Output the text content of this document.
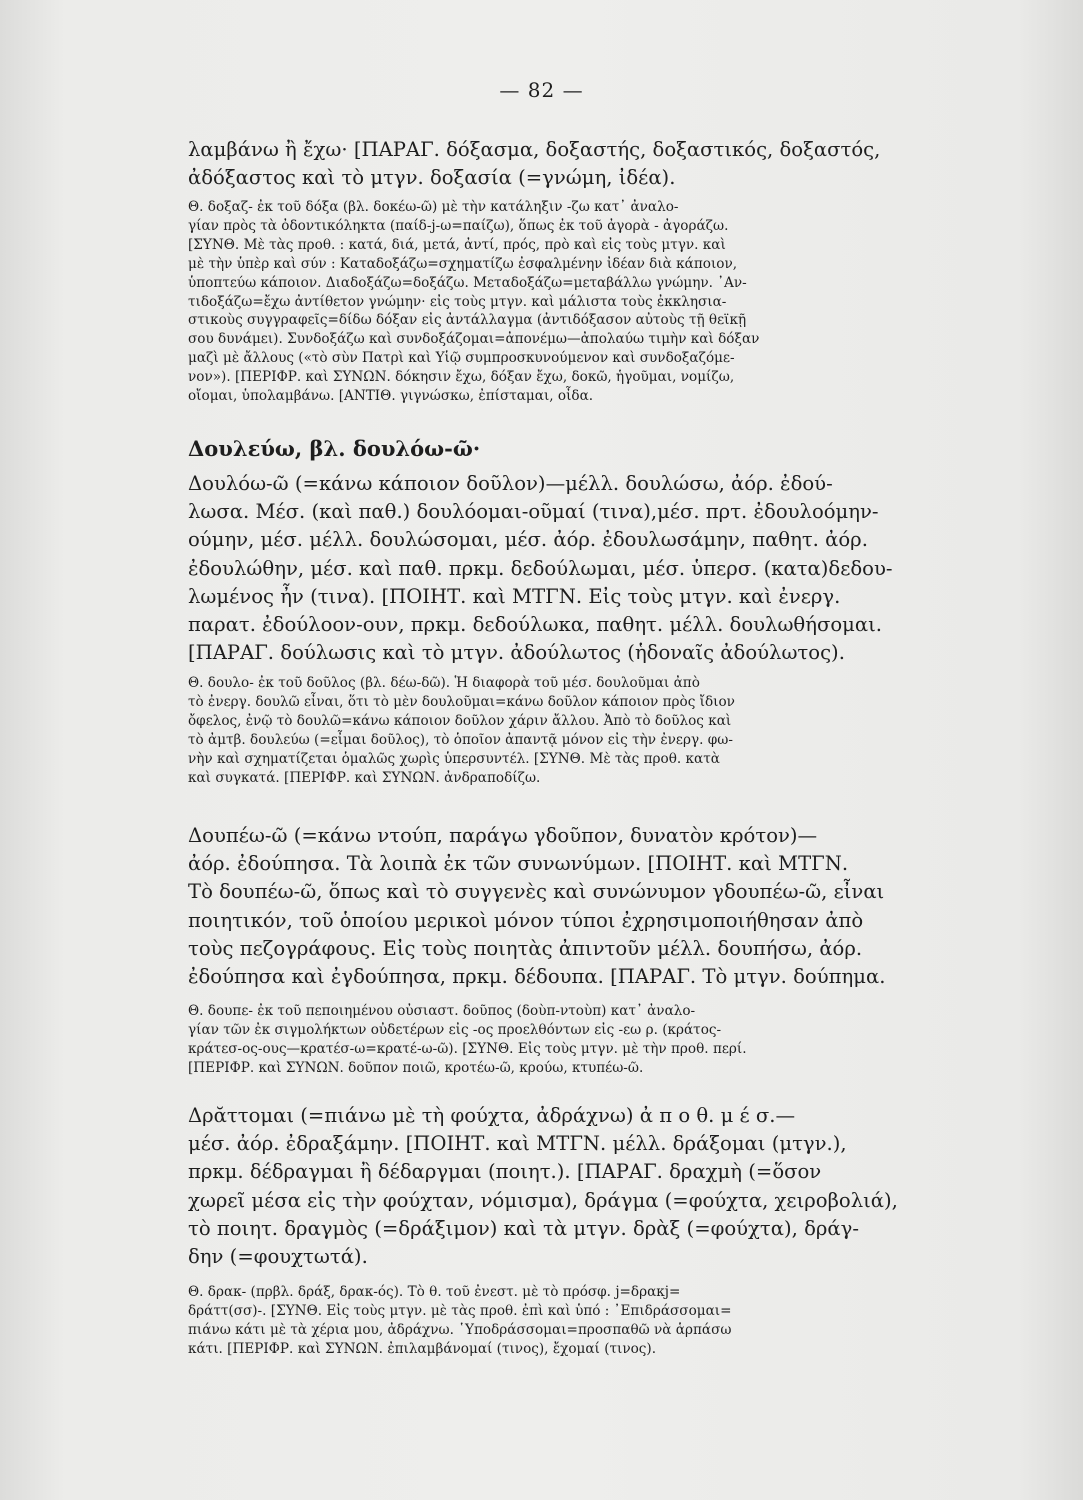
— 82 —

λαμβάνω ἢ ἔχω· [ΠΑΡΑΓ. δόξασμα, δοξαστής, δοξαστικός, δοξαστός,

ἀδόξαστος καὶ τὸ μτγν. δοξασία (=γνώμη, ἰδέα).

Θ. δοξαζ- ἐκ τοῦ δόξα (βλ. δοκέω-ῶ) μὲ τὴν κατάληξιν -ζω κατ᾽ ἀναλο-

γίαν πρὸς τὰ ὀδοντικόληκτα (παίδ-j-ω=παίζω), ὅπως ἐκ τοῦ ἀγορὰ - ἀγοράζω.

[ΣΥΝΘ. Μὲ τὰς προθ. : κατά, διά, μετά, ἀντί, πρός, πρὸ καὶ εἰς τοὺς μτγν. καὶ

μὲ τὴν ὑπὲρ καὶ σύν : Καταδοξάζω=σχηματίζω ἐσφαλμένην ἰδέαν διὰ κάποιον,

ὑποπτεύω κάποιον. Διαδοξάζω=δοξάζω. Μεταδοξάζω=μεταβάλλω γνώμην. ᾽Αν-

τιδοξάζω=ἔχω ἀντίθετον γνώμην· εἰς τοὺς μτγν. καὶ μάλιστα τοὺς ἐκκλησια-

στικοὺς συγγραφεῖς=δίδω δόξαν εἰς ἀντάλλαγμα (ἀντιδόξασον αὐτοὺς τῇ θεϊκῇ

σου δυνάμει). Συνδοξάζω καὶ συνδοξάζομαι=ἀπονέμω—ἀπολαύω τιμὴν καὶ δόξαν

μαζὶ μὲ ἄλλους («τὸ σὺν Πατρὶ καὶ Υἱῷ συμπροσκυνούμενον καὶ συνδοξαζόμε-

νον»). [ΠΕΡΙΦΡ. καὶ ΣΥΝΩΝ. δόκησιν ἔχω, δόξαν ἔχω, δοκῶ, ἡγοῦμαι, νομίζω,

οἴομαι, ὑπολαμβάνω. [ΑΝΤΙΘ. γιγνώσκω, ἐπίσταμαι, οἶδα.

Δουλεύω, βλ. δουλόω-ῶ·

Δουλόω-ῶ (=κάνω κάποιον δοῦλον)—μέλλ. δουλώσω, ἀόρ. ἐδού-

λωσα. Μέσ. (καὶ παθ.) δουλόομαι-οῦμαί (τινα),μέσ. πρτ. ἐδουλοόμην-

ούμην, μέσ. μέλλ. δουλώσομαι, μέσ. ἀόρ. ἐδουλωσάμην, παθητ. ἀόρ.

ἐδουλώθην, μέσ. καὶ παθ. πρκμ. δεδούλωμαι, μέσ. ὑπερσ. (κατα)δεδου-

λωμένος ἦν (τινα). [ΠΟΙΗΤ. καὶ ΜΤΓΝ. Εἰς τοὺς μτγν. καὶ ἐνεργ.

παρατ. ἐδούλοον-ουν, πρκμ. δεδούλωκα, παθητ. μέλλ. δουλωθήσομαι.

[ΠΑΡΑΓ. δούλωσις καὶ τὸ μτγν. ἀδούλωτος (ἡδοναῖς ἀδούλωτος).

Θ. δουλο- ἐκ τοῦ δοῦλος (βλ. δέω-δῶ). Ἡ διαφορὰ τοῦ μέσ. δουλοῦμαι ἀπὸ

τὸ ἐνεργ. δουλῶ εἶναι, ὅτι τὸ μὲν δουλοῦμαι=κάνω δοῦλον κάποιον πρὸς ἴδιον

ὄφελος, ἐνῷ τὸ δουλῶ=κάνω κάποιον δοῦλον χάριν ἄλλου. Ἀπὸ τὸ δοῦλος καὶ

τὸ ἀμτβ. δουλεύω (=εἶμαι δοῦλος), τὸ ὁποῖον ἀπαντᾷ μόνον εἰς τὴν ἐνεργ. φω-

νὴν καὶ σχηματίζεται ὁμαλῶς χωρὶς ὑπερσυντέλ. [ΣΥΝΘ. Μὲ τὰς προθ. κατὰ

καὶ συγκατά. [ΠΕΡΙΦΡ. καὶ ΣΥΝΩΝ. ἀνδραποδίζω.

Δουπέω-ῶ (=κάνω ντούπ, παράγω γδοῦπον, δυνατὸν κρότον)—

ἀόρ. ἐδούπησα. Τὰ λοιπὰ ἐκ τῶν συνωνύμων. [ΠΟΙΗΤ. καὶ ΜΤΓΝ.

Τὸ δουπέω-ῶ, ὅπως καὶ τὸ συγγενὲς καὶ συνώνυμον γδουπέω-ῶ, εἶναι

ποιητικόν, τοῦ ὁποίου μερικοὶ μόνον τύποι ἐχρησιμοποιήθησαν ἀπὸ

τοὺς πεζογράφους. Εἰς τοὺς ποιητὰς ἀπιντοῦν μέλλ. δουπήσω, ἀόρ.

ἐδούπησα καὶ ἐγδούπησα, πρκμ. δέδουπα. [ΠΑΡΑΓ. Τὸ μτγν. δούπημα.

Θ. δουπε- ἐκ τοῦ πεποιημένου οὐσιαστ. δοῦπος (δοὺπ-ντοὺπ) κατ᾽ ἀναλο-

γίαν τῶν ἐκ σιγμολήκτων οὐδετέρων εἰς -ος προελθόντων εἰς -εω ρ. (κράτος-

κράτεσ-ος-ους—κρατέσ-ω=κρατέ-ω-ῶ). [ΣΥΝΘ. Εἰς τοὺς μτγν. μὲ τὴν προθ. περί.

[ΠΕΡΙΦΡ. καὶ ΣΥΝΩΝ. δοῦπον ποιῶ, κροτέω-ῶ, κρούω, κτυπέω-ῶ.

Δρᾰττομαι (=πιάνω μὲ τὴ φούχτα, ἀδράχνω) ἀ π ο θ. μ έ σ.—

μέσ. ἀόρ. ἐδραξάμην. [ΠΟΙΗΤ. καὶ ΜΤΓΝ. μέλλ. δράξομαι (μτγν.),

πρκμ. δέδραγμαι ἢ δέδαργμαι (ποιητ.). [ΠΑΡΑΓ. δραχμὴ (=ὅσον

χωρεῖ μέσα εἰς τὴν φούχταν, νόμισμα), δράγμα (=φούχτα, χειροβολιά),

τὸ ποιητ. δραγμὸς (=δράξιμον) καὶ τὰ μτγν. δρὰξ (=φούχτα), δράγ-

δην (=φουχτωτά).

Θ. δρακ- (πρβλ. δράξ, δρακ-ός). Τὸ θ. τοῦ ἐνεστ. μὲ τὸ πρόσφ. j=δρακj=

δράττ(σσ)-. [ΣΥΝΘ. Εἰς τοὺς μτγν. μὲ τὰς προθ. ἐπὶ καὶ ὑπό : ᾽Επιδράσσομαι=

πιάνω κάτι μὲ τὰ χέρια μου, ἀδράχνω. ῾Υποδράσσομαι=προσπαθῶ νὰ ἁρπάσω

κάτι. [ΠΕΡΙΦΡ. καὶ ΣΥΝΩΝ. ἐπιλαμβάνομαί (τινος), ἔχομαί (τινος).
